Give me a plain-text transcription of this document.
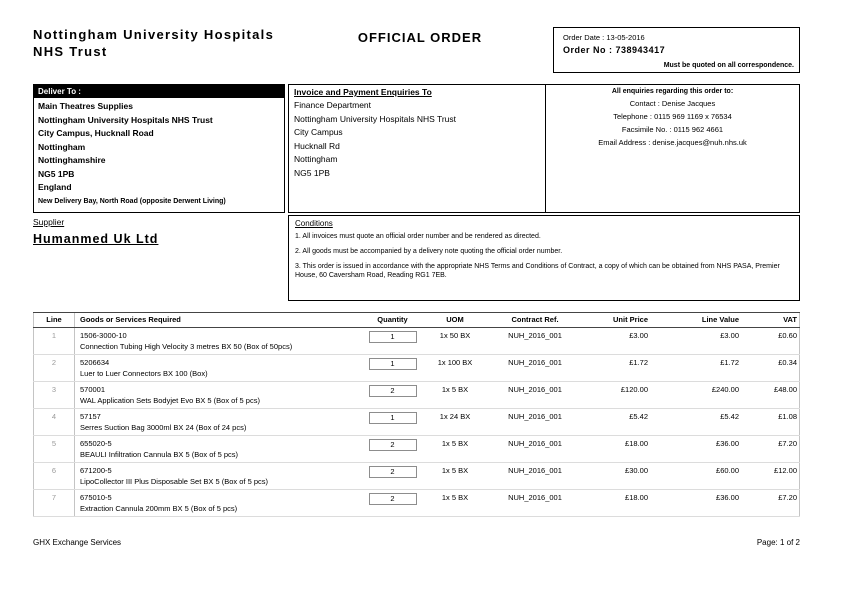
Nottingham University Hospitals
NHS Trust
OFFICIAL ORDER	Order Date : 13-05-2016
Order No : 738943417
Must be quoted on all correspondence.
Deliver To :
Main Theatres Supplies
Nottingham University Hospitals NHS Trust
City Campus, Hucknall Road
Nottingham
Nottinghamshire
NG5 1PB
England
New Delivery Bay, North Road (opposite Derwent Living)
Invoice and Payment Enquiries To
Finance Department
Nottingham University Hospitals NHS Trust
City Campus
Hucknall Rd
Nottingham
NG5 1PB
All enquiries regarding this order to:
Contact : Denise Jacques
Telephone : 0115 969 1169 x 76534
Facsimile No. : 0115 962 4661
Email Address : denise.jacques@nuh.nhs.uk
Supplier
Humanmed Uk Ltd
Conditions
1. All invoices must quote an official order number and be rendered as directed.
2. All goods must be accompanied by a delivery note quoting the official order number.
3. This order is issued in accordance with the appropriate NHS Terms and Conditions of Contract, a copy of which can be obtained from NHS PASA, Premier House, 60 Caversham Road, Reading RG1 7EB.
Line	Goods or Services Required	Quantity	UOM	Contract Ref.	Unit Price	Line Value	VAT
1	1506-3000-10
Connection Tubing High Velocity 3 metres BX 50 (Box of 50pcs)
1	1x 50 BX	NUH_2016_001	£3.00	£3.00	£0.60
2	5206634
Luer to Luer Connectors BX 100 (Box)
1	1x 100 BX	NUH_2016_001	£1.72	£1.72	£0.34
3	570001
WAL Application Sets Bodyjet Evo BX 5 (Box of 5 pcs)
2	1x 5 BX	NUH_2016_001	£120.00	£240.00	£48.00
4	57157
Serres Suction Bag 3000ml BX 24 (Box of 24 pcs)
1	1x 24 BX	NUH_2016_001	£5.42	£5.42	£1.08
5	655020-5
BEAULI Infiltration Cannula BX 5 (Box of 5 pcs)
2	1x 5 BX	NUH_2016_001	£18.00	£36.00	£7.20
6	671200-5
LipoCollector III Plus Disposable Set BX 5 (Box of 5 pcs)
2	1x 5 BX	NUH_2016_001	£30.00	£60.00	£12.00
7	675010-5
Extraction Cannula 200mm BX 5 (Box of 5 pcs)
2	1x 5 BX	NUH_2016_001	£18.00	£36.00	£7.20
GHX Exchange Services	Page: 1 of 2
